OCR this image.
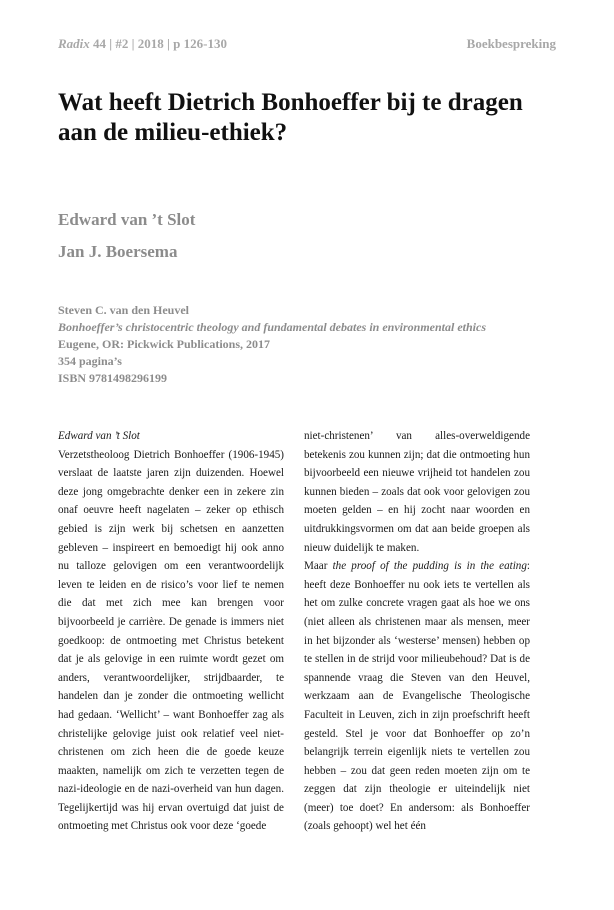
Radix 44 | #2 | 2018 | p 126-130	Boekbespreking
Wat heeft Dietrich Bonhoeffer bij te dragen aan de milieu-ethiek?
Edward van ’t Slot
Jan J. Boersema
Steven C. van den Heuvel
Bonhoeffer’s christocentric theology and fundamental debates in environmental ethics
Eugene, OR: Pickwick Publications, 2017
354 pagina’s
ISBN 9781498296199

Edward van ’t Slot

Verzetstheoloog Dietrich Bonhoeffer (1906-1945) verslaat de laatste jaren zijn duizenden. Hoewel deze jong omgebrachte denker een in zekere zin onaf oeuvre heeft nagelaten – zeker op ethisch gebied is zijn werk bij schetsen en aanzetten gebleven – inspireert en bemoedigt hij ook anno nu talloze gelovigen om een verantwoordelijk leven te leiden en de risico’s voor lief te nemen die dat met zich mee kan brengen voor bijvoorbeeld je carrière. De genade is immers niet goedkoop: de ontmoeting met Christus betekent dat je als gelovige in een ruimte wordt gezet om anders, verantwoordelijker, strijdbaarder, te handelen dan je zonder die ontmoeting wellicht had gedaan. ‘Wellicht’ – want Bonhoeffer zag als christelijke gelovige juist ook relatief veel niet-christenen om zich heen die de goede keuze maakten, namelijk om zich te verzetten tegen de nazi-ideologie en de nazi-overheid van hun dagen. Tegelijkertijd was hij ervan overtuigd dat juist de ontmoeting met Christus ook voor deze ‘goede

niet-christenen’ van alles-overweldigende betekenis zou kunnen zijn; dat die ontmoeting hun bijvoorbeeld een nieuwe vrijheid tot handelen zou kunnen bieden – zoals dat ook voor gelovigen zou moeten gelden – en hij zocht naar woorden en uitdrukkingsvormen om dat aan beide groepen als nieuw duidelijk te maken.

Maar the proof of the pudding is in the eating: heeft deze Bonhoeffer nu ook iets te vertellen als het om zulke concrete vragen gaat als hoe we ons (niet alleen als christenen maar als mensen, meer in het bijzonder als ‘westerse’ mensen) hebben op te stellen in de strijd voor milieubehoud? Dat is de spannende vraag die Steven van den Heuvel, werkzaam aan de Evangelische Theologische Faculteit in Leuven, zich in zijn proefschrift heeft gesteld. Stel je voor dat Bonhoeffer op zo’n belangrijk terrein eigenlijk niets te vertellen zou hebben – zou dat geen reden moeten zijn om te zeggen dat zijn theologie er uiteindelijk niet (meer) toe doet? En andersom: als Bonhoeffer (zoals gehoopt) wel het één
